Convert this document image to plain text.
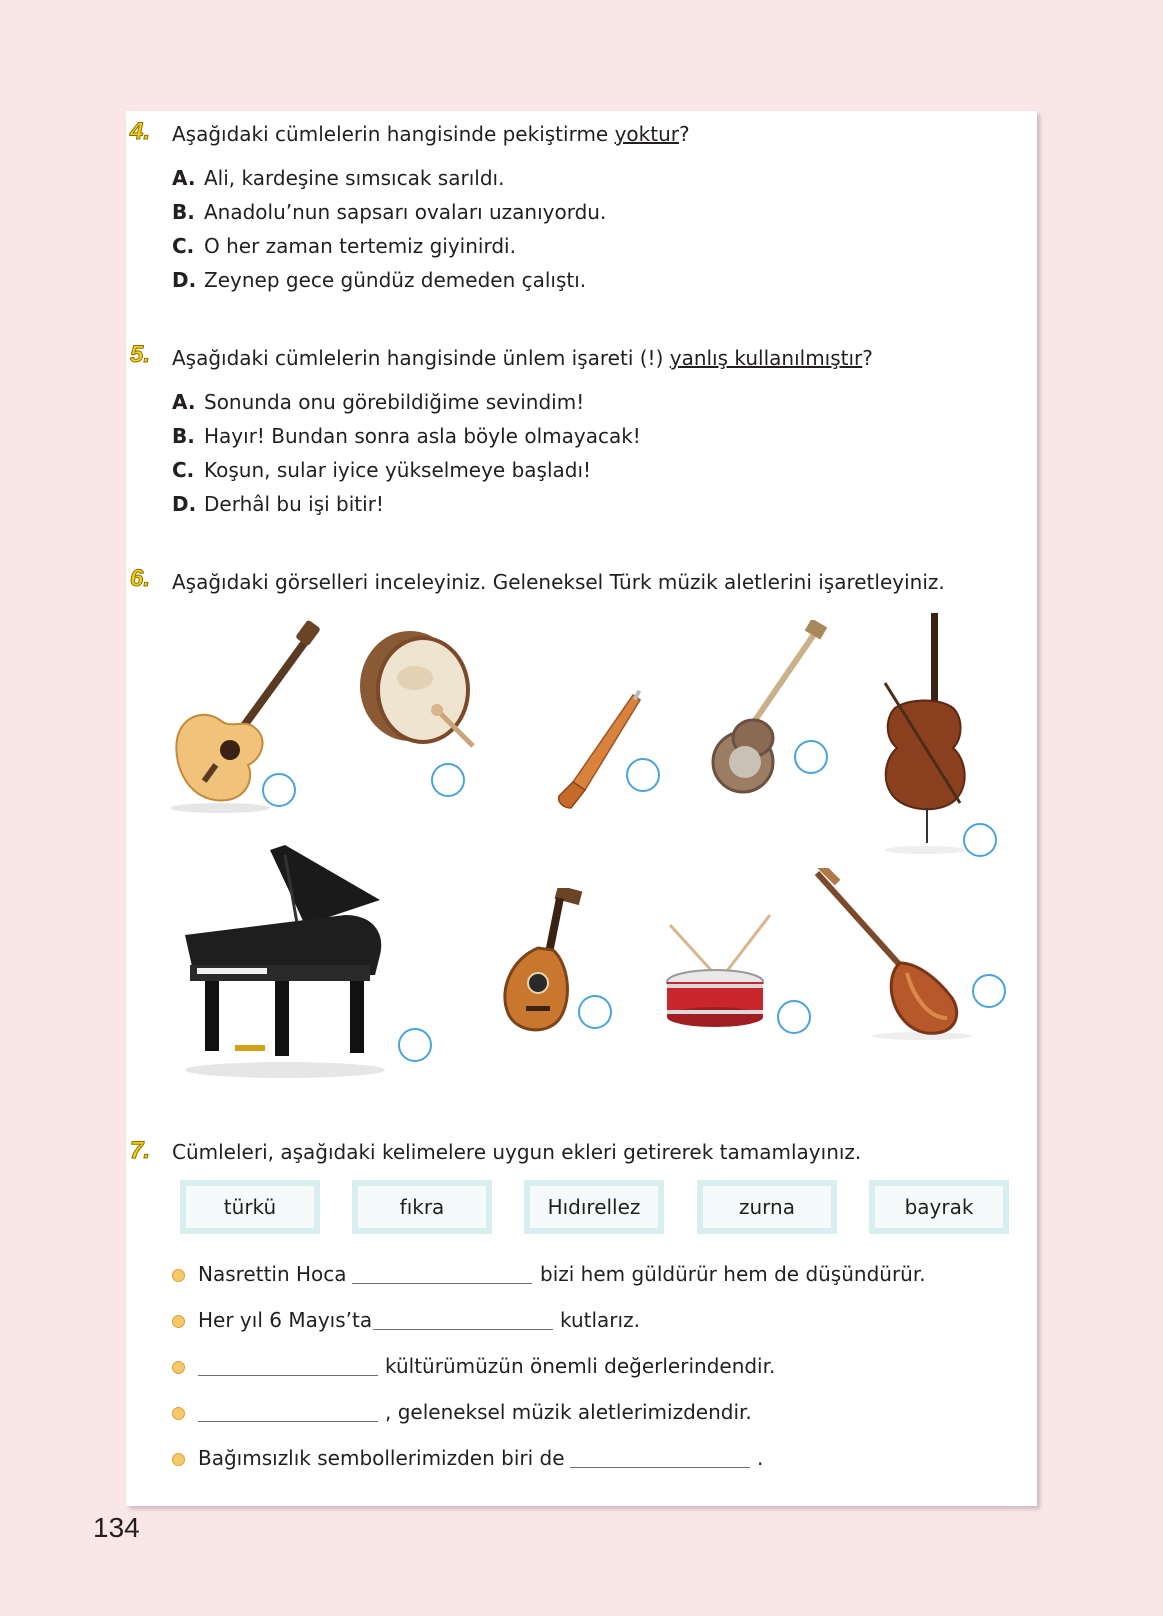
4. Aşağıdaki cümlelerin hangisinde pekiştirme yoktur?
A. Ali, kardeşine sımsıcak sarıldı.
B. Anadolu’nun sapsarı ovaları uzanıyordu.
C. O her zaman tertemiz giyinirdi.
D. Zeynep gece gündüz demeden çalıştı.
5. Aşağıdaki cümlelerin hangisinde ünlem işareti (!) yanlış kullanılmıştır?
A. Sonunda onu görebildiğime sevindim!
B. Hayır! Bundan sonra asla böyle olmayacak!
C. Koşun, sular iyice yükselmeye başladı!
D. Derhâl bu işi bitir!
6. Aşağıdaki görselleri inceleyiniz. Geleneksel Türk müzik aletlerini işaretleyiniz.
7. Cümleleri, aşağıdaki kelimelere uygun ekleri getirerek tamamlayınız.
türkü	fıkra	Hıdırellez	zurna	bayrak
Nasrettin Hoca	bizi hem güldürür hem de düşündürür.
Her yıl 6 Mayıs’ta	kutlarız.
kültürümüzün önemli değerlerindendir.
, geleneksel müzik aletlerimizdendir.
Bağımsızlık sembollerimizden biri de	.
134
